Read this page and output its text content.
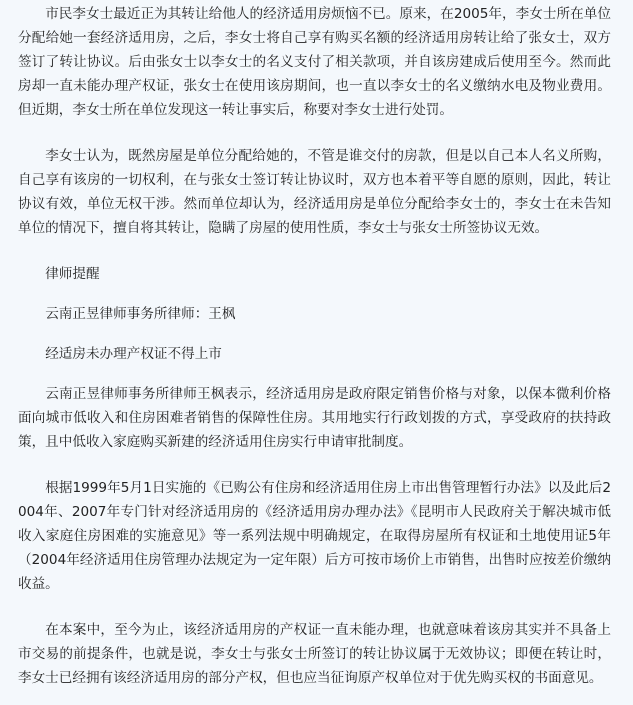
市民李女士最近正为其转让给他人的经济适用房烦恼不已。原来，在2005年，李女士所在单位分配给她一套经济适用房，之后，李女士将自己享有购买名额的经济适用房转让给了张女士，双方签订了转让协议。后由张女士以李女士的名义支付了相关款项，并自该房建成后使用至今。然而此房却一直未能办理产权证，张女士在使用该房期间，也一直以李女士的名义缴纳水电及物业费用。但近期，李女士所在单位发现这一转让事实后，称要对李女士进行处罚。

李女士认为，既然房屋是单位分配给她的，不管是谁交付的房款，但是以自己本人名义所购，自己享有该房的一切权利，在与张女士签订转让协议时，双方也本着平等自愿的原则，因此，转让协议有效，单位无权干涉。然而单位却认为，经济适用房是单位分配给李女士的，李女士在未告知单位的情况下，擅自将其转让，隐瞒了房屋的使用性质，李女士与张女士所签协议无效。

律师提醒

云南正昱律师事务所律师：王枫

经适房未办理产权证不得上市

云南正昱律师事务所律师王枫表示，经济适用房是政府限定销售价格与对象，以保本微利价格面向城市低收入和住房困难者销售的保障性住房。其用地实行行政划拨的方式，享受政府的扶持政策，且中低收入家庭购买新建的经济适用住房实行申请审批制度。

根据1999年5月1日实施的《已购公有住房和经济适用住房上市出售管理暂行办法》以及此后2004年、2007年专门针对经济适用房的《经济适用房办理办法》《昆明市人民政府关于解决城市低收入家庭住房困难的实施意见》等一系列法规中明确规定，在取得房屋所有权证和土地使用证5年（2004年经济适用住房管理办法规定为一定年限）后方可按市场价上市销售，出售时应按差价缴纳收益。

在本案中，至今为止，该经济适用房的产权证一直未能办理，也就意味着该房其实并不具备上市交易的前提条件，也就是说，李女士与张女士所签订的转让协议属于无效协议；即便在转让时，李女士已经拥有该经济适用房的部分产权，但也应当征询原产权单位对于优先购买权的书面意见。
